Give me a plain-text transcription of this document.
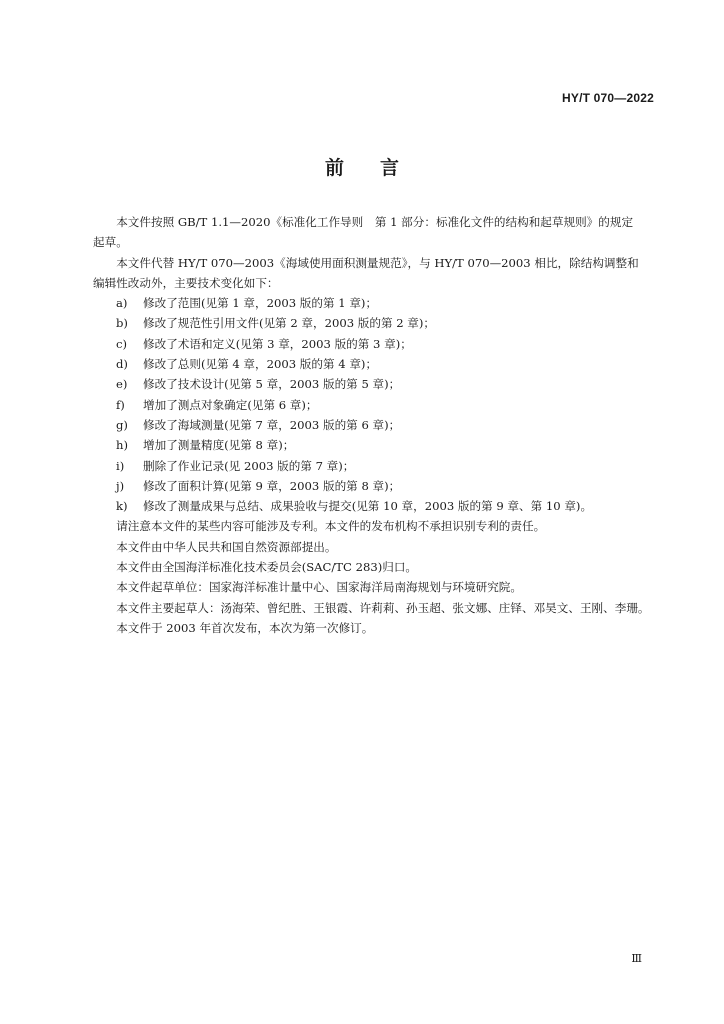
HY/T 070—2022
前言

本文件按照 GB/T 1.1—2020《标准化工作导则　第 1 部分：标准化文件的结构和起草规则》的规定

起草。

本文件代替 HY/T 070—2003《海域使用面积测量规范》，与 HY/T 070—2003 相比，除结构调整和

编辑性改动外，主要技术变化如下：

a)	修改了范围(见第 1 章，2003 版的第 1 章)；
b)	修改了规范性引用文件(见第 2 章，2003 版的第 2 章)；
c)	修改了术语和定义(见第 3 章，2003 版的第 3 章)；
d)	修改了总则(见第 4 章，2003 版的第 4 章)；
e)	修改了技术设计(见第 5 章，2003 版的第 5 章)；
f)	增加了测点对象确定(见第 6 章)；
g)	修改了海域测量(见第 7 章，2003 版的第 6 章)；
h)	增加了测量精度(见第 8 章)；
i)	删除了作业记录(见 2003 版的第 7 章)；
j)	修改了面积计算(见第 9 章，2003 版的第 8 章)；
k)	修改了测量成果与总结、成果验收与提交(见第 10 章，2003 版的第 9 章、第 10 章)。

请注意本文件的某些内容可能涉及专利。本文件的发布机构不承担识别专利的责任。

本文件由中华人民共和国自然资源部提出。

本文件由全国海洋标准化技术委员会(SAC/TC 283)归口。

本文件起草单位：国家海洋标准计量中心、国家海洋局南海规划与环境研究院。

本文件主要起草人：汤海荣、曾纪胜、王银霞、许莉莉、孙玉超、张文娜、庄铎、邓昊文、王刚、李珊。

本文件于 2003 年首次发布，本次为第一次修订。

Ⅲ
